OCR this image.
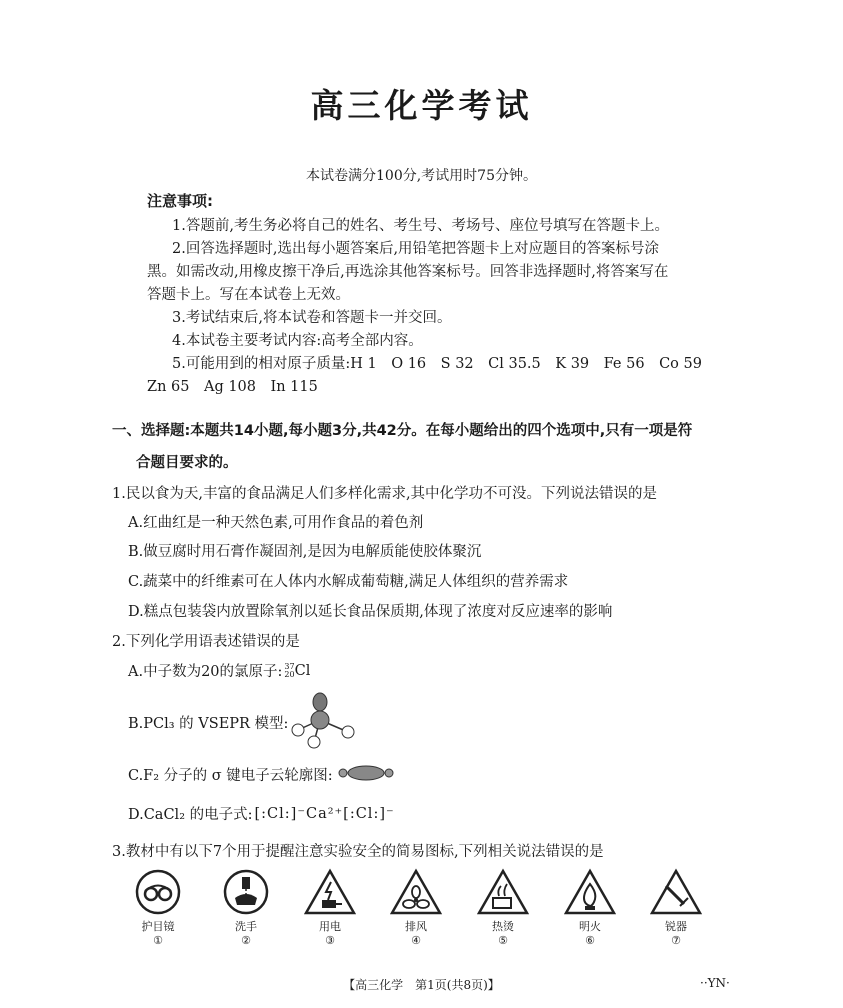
高三化学考试
本试卷满分100分,考试用时75分钟。
注意事项:
1.答题前,考生务必将自己的姓名、考生号、考场号、座位号填写在答题卡上。
2.回答选择题时,选出每小题答案后,用铅笔把答题卡上对应题目的答案标号涂
黑。如需改动,用橡皮擦干净后,再选涂其他答案标号。回答非选择题时,将答案写在
答题卡上。写在本试卷上无效。
3.考试结束后,将本试卷和答题卡一并交回。
4.本试卷主要考试内容:高考全部内容。
5.可能用到的相对原子质量:H 1　O 16　S 32　Cl 35.5　K 39　Fe 56　Co 59
Zn 65　Ag 108　In 115
一、选择题:本题共14小题,每小题3分,共42分。在每小题给出的四个选项中,只有一项是符
合题目要求的。
1.民以食为天,丰富的食品满足人们多样化需求,其中化学功不可没。下列说法错误的是
A.红曲红是一种天然色素,可用作食品的着色剂
B.做豆腐时用石膏作凝固剂,是因为电解质能使胶体聚沉
C.蔬菜中的纤维素可在人体内水解成葡萄糖,满足人体组织的营养需求
D.糕点包装袋内放置除氧剂以延长食品保质期,体现了浓度对反应速率的影响
2.下列化学用语表述错误的是
A.中子数为20的氯原子: 37
20 Cl
B.PCl₃ 的 VSEPR 模型:
C.F₂ 分子的 σ 键电子云轮廓图:
D.CaCl₂ 的电子式: [:Cl:]⁻Ca²⁺[:Cl:]⁻
3.教材中有以下7个用于提醒注意实验安全的简易图标,下列相关说法错误的是
护目镜
①
洗手
②
用电
③
排风
④
热烫
⑤
明火
⑥
锐器
⑦
【高三化学　第1页(共8页)】	··YN·
